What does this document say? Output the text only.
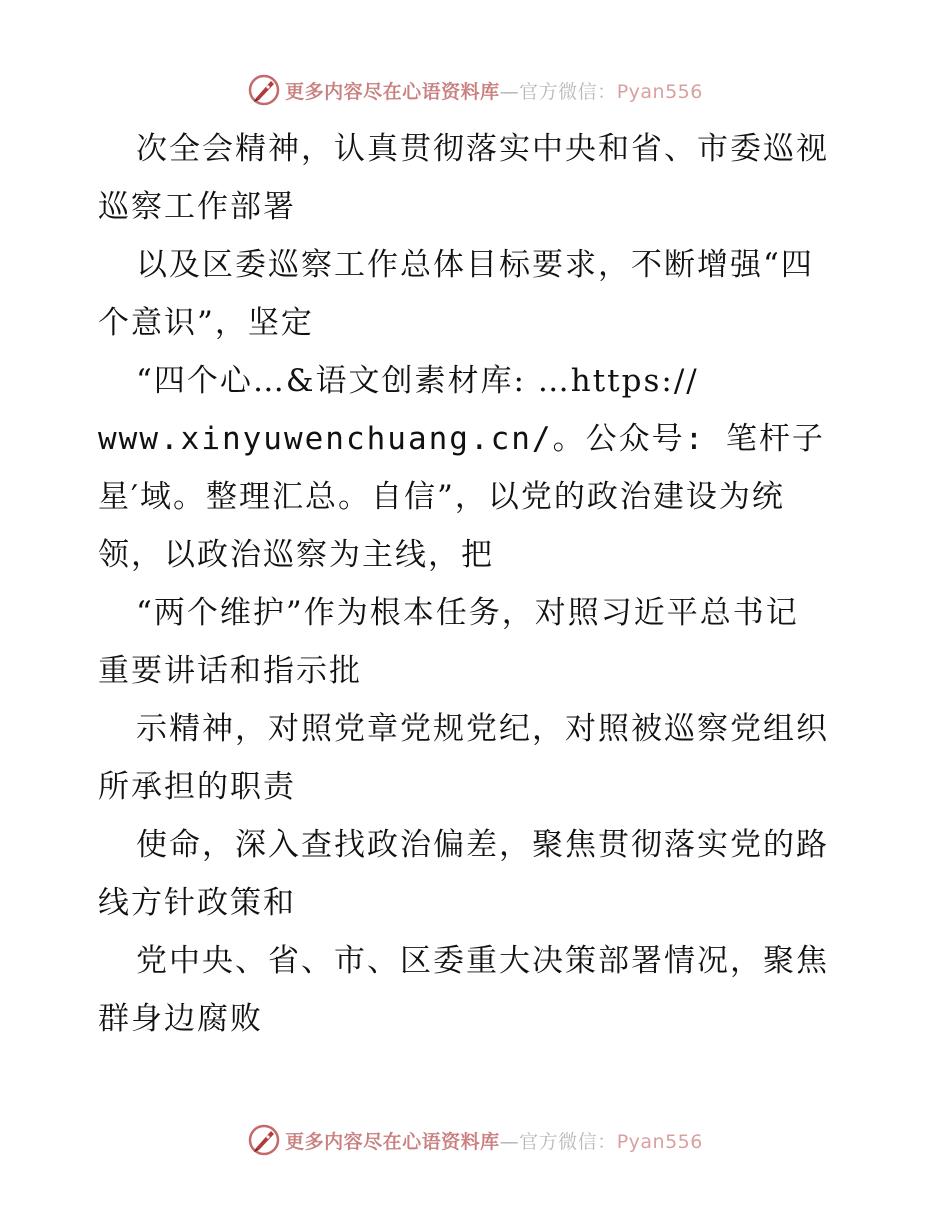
更多内容尽在心语资料库—官方微信：Pyan556
次全会精神，认真贯彻落实中央和省、市委巡视
巡察工作部署
以及区委巡察工作总体目标要求，不断增强“四
个意识”，坚定
“四个心…&语文创素材库: …https://
www.xinyuwenchuang.cn/。公众号: 笔杆子
星′域。整理汇总。自信”，以党的政治建设为统
领，以政治巡察为主线，把
“两个维护”作为根本任务，对照习近平总书记
重要讲话和指示批
示精神，对照党章党规党纪，对照被巡察党组织
所承担的职责
使命，深入查找政治偏差，聚焦贯彻落实党的路
线方针政策和
党中央、省、市、区委重大决策部署情况，聚焦
群身边腐败
更多内容尽在心语资料库—官方微信：Pyan556
